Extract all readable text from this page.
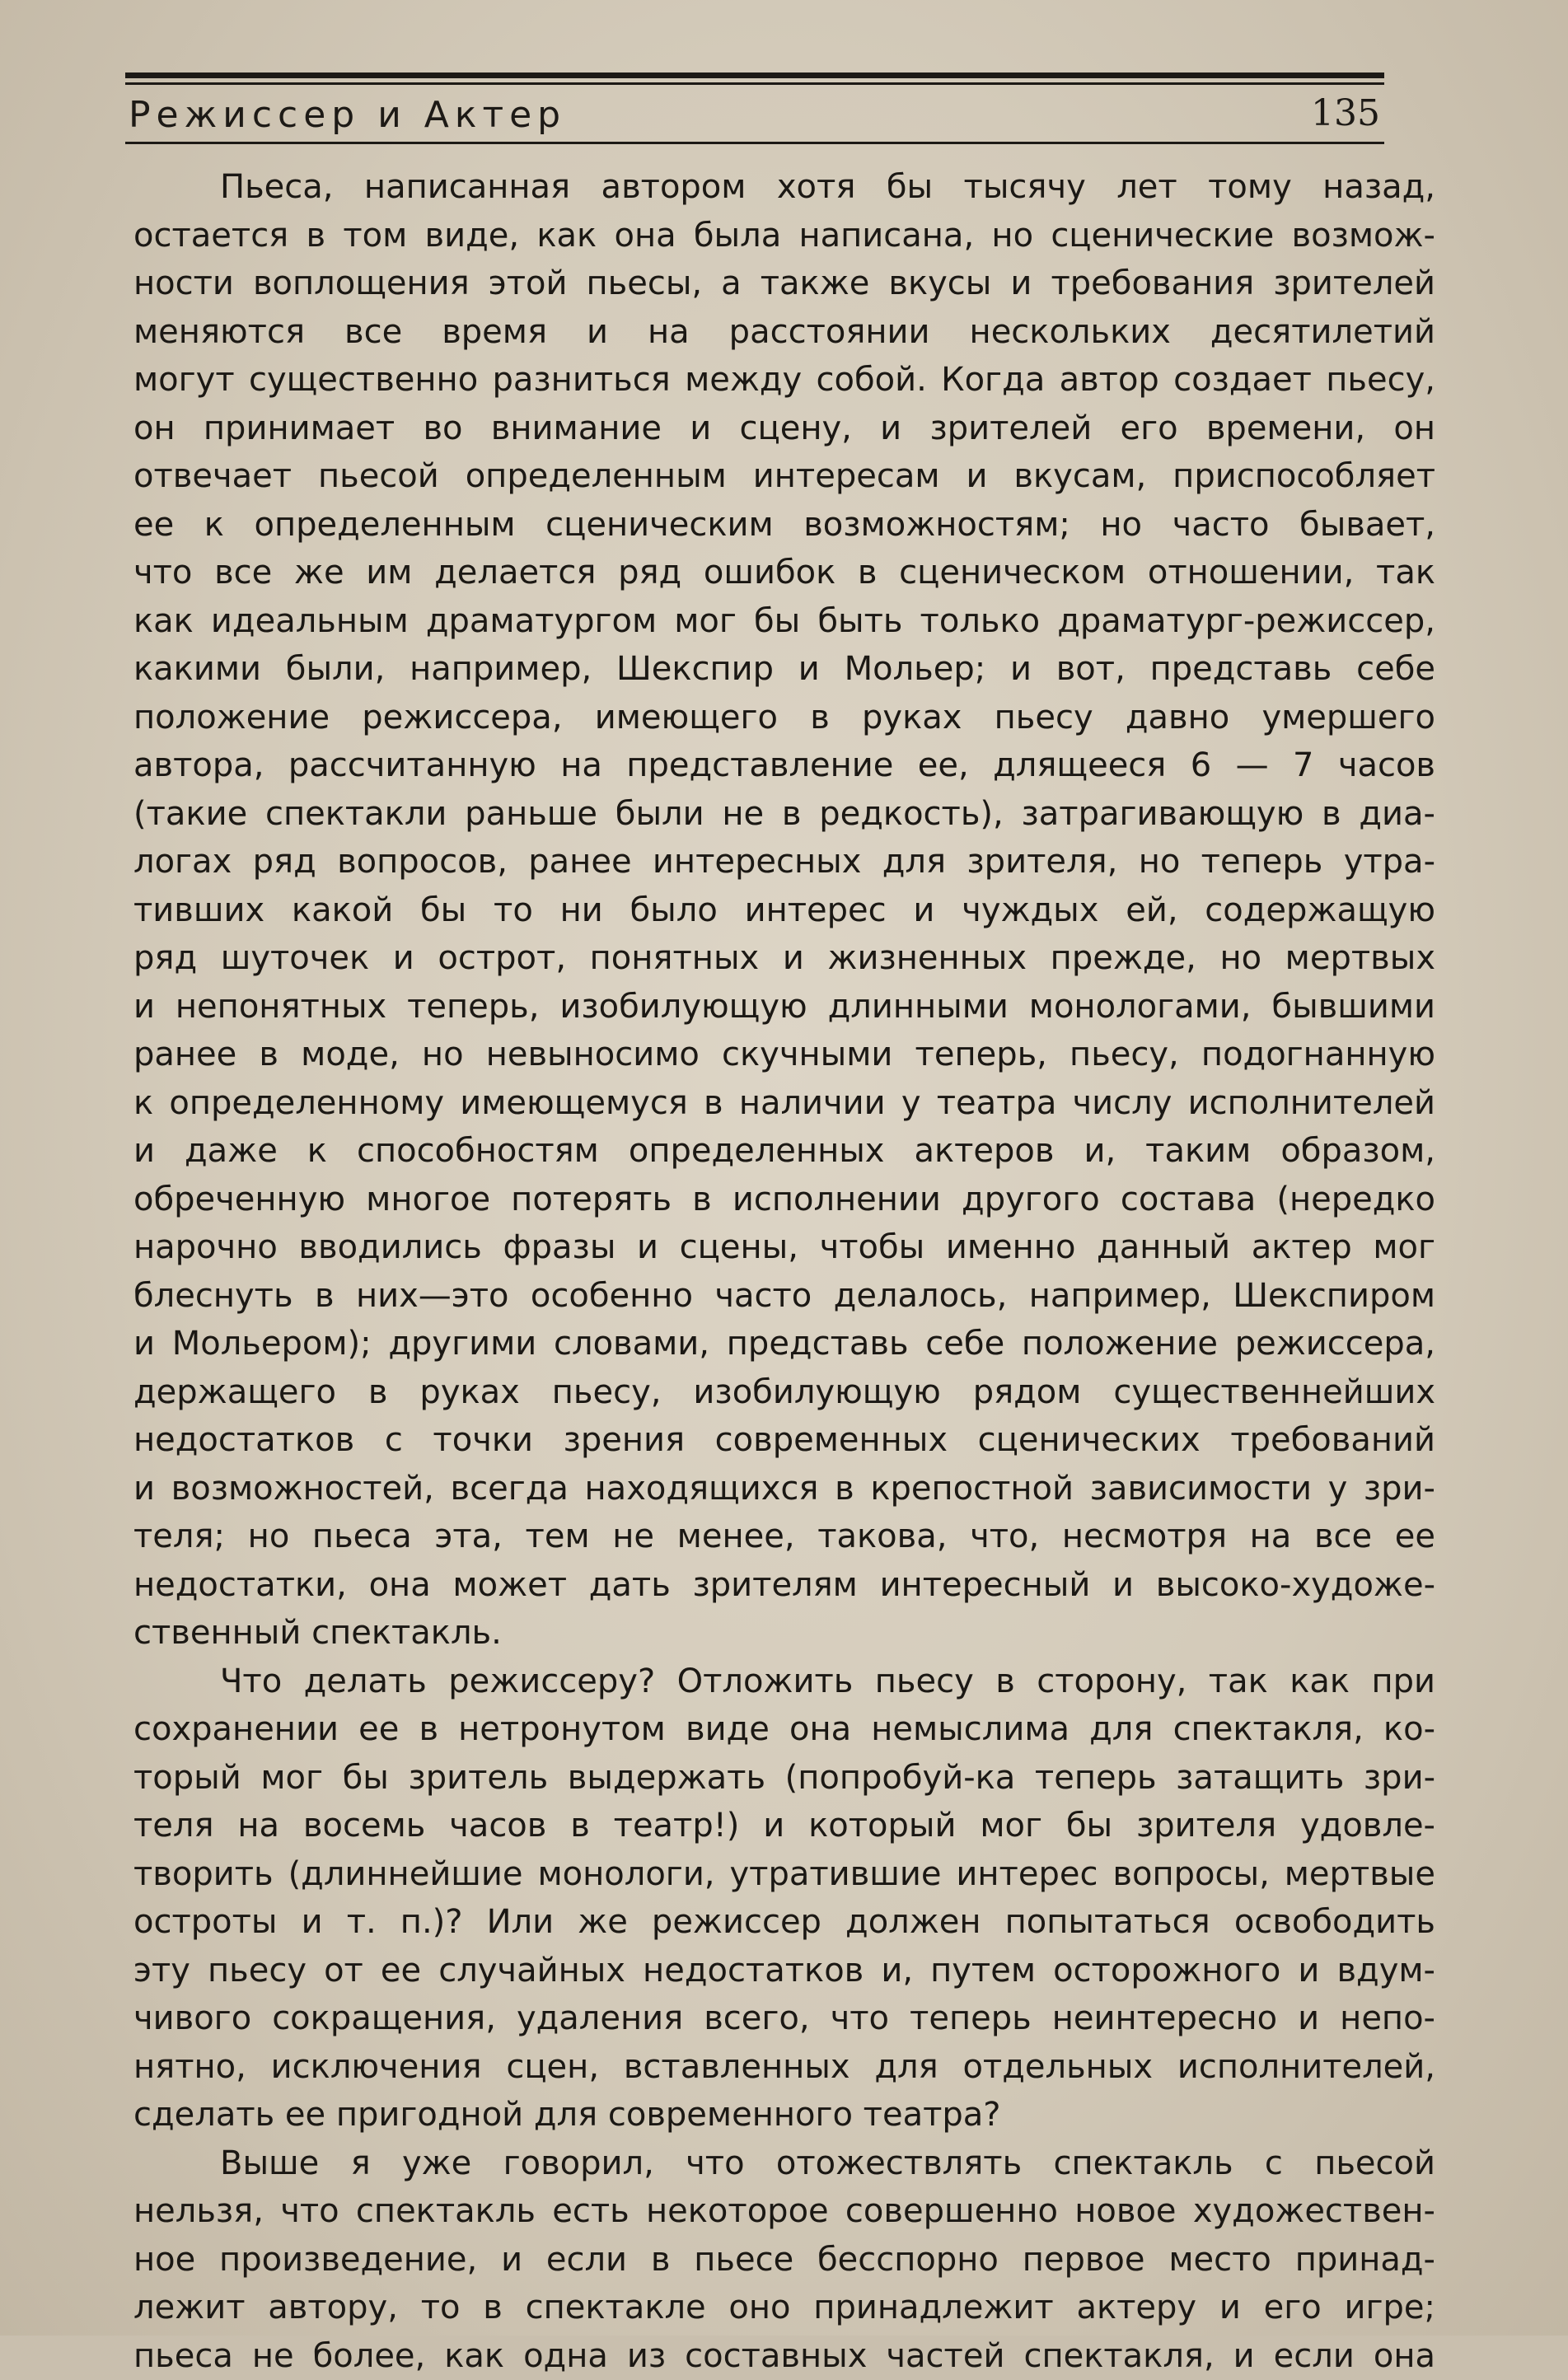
Режиссер и Актер	135
Пьеса, написанная автором хотя бы тысячу лет тому назад,
остается в том виде, как она была написана, но сценические возмож-
ности воплощения этой пьесы, а также вкусы и требования зрителей
меняются все время и на расстоянии нескольких десятилетий
могут существенно разниться между собой. Когда автор создает пьесу,
он принимает во внимание и сцену, и зрителей его времени, он
отвечает пьесой определенным интересам и вкусам, приспособляет
ее к определенным сценическим возможностям; но часто бывает,
что все же им делается ряд ошибок в сценическом отношении, так
как идеальным драматургом мог бы быть только драматург-режиссер,
какими были, например, Шекспир и Мольер; и вот, представь себе
положение режиссера, имеющего в руках пьесу давно умершего
автора, рассчитанную на представление ее, длящееся 6 — 7 часов
(такие спектакли раньше были не в редкость), затрагивающую в диа-
логах ряд вопросов, ранее интересных для зрителя, но теперь утра-
тивших какой бы то ни было интерес и чуждых ей, содержащую
ряд шуточек и острот, понятных и жизненных прежде, но мертвых
и непонятных теперь, изобилующую длинными монологами, бывшими
ранее в моде, но невыносимо скучными теперь, пьесу, подогнанную
к определенному имеющемуся в наличии у театра числу исполнителей
и даже к способностям определенных актеров и, таким образом,
обреченную многое потерять в исполнении другого состава (нередко
нарочно вводились фразы и сцены, чтобы именно данный актер мог
блеснуть в них—это особенно часто делалось, например, Шекспиром
и Мольером); другими словами, представь себе положение режиссера,
держащего в руках пьесу, изобилующую рядом существеннейших
недостатков с точки зрения современных сценических требований
и возможностей, всегда находящихся в крепостной зависимости у зри-
теля; но пьеса эта, тем не менее, такова, что, несмотря на все ее
недостатки, она может дать зрителям интересный и высоко-художе-
ственный спектакль.
Что делать режиссеру? Отложить пьесу в сторону, так как при
сохранении ее в нетронутом виде она немыслима для спектакля, ко-
торый мог бы зритель выдержать (попробуй-ка теперь затащить зри-
теля на восемь часов в театр!) и который мог бы зрителя удовле-
творить (длиннейшие монологи, утратившие интерес вопросы, мертвые
остроты и т. п.)? Или же режиссер должен попытаться освободить
эту пьесу от ее случайных недостатков и, путем осторожного и вдум-
чивого сокращения, удаления всего, что теперь неинтересно и непо-
нятно, исключения сцен, вставленных для отдельных исполнителей,
сделать ее пригодной для современного театра?
Выше я уже говорил, что отожествлять спектакль с пьесой
нельзя, что спектакль есть некоторое совершенно новое художествен-
ное произведение, и если в пьесе бесспорно первое место принад-
лежит автору, то в спектакле оно принадлежит актеру и его игре;
пьеса не более, как одна из составных частей спектакля, и если она
